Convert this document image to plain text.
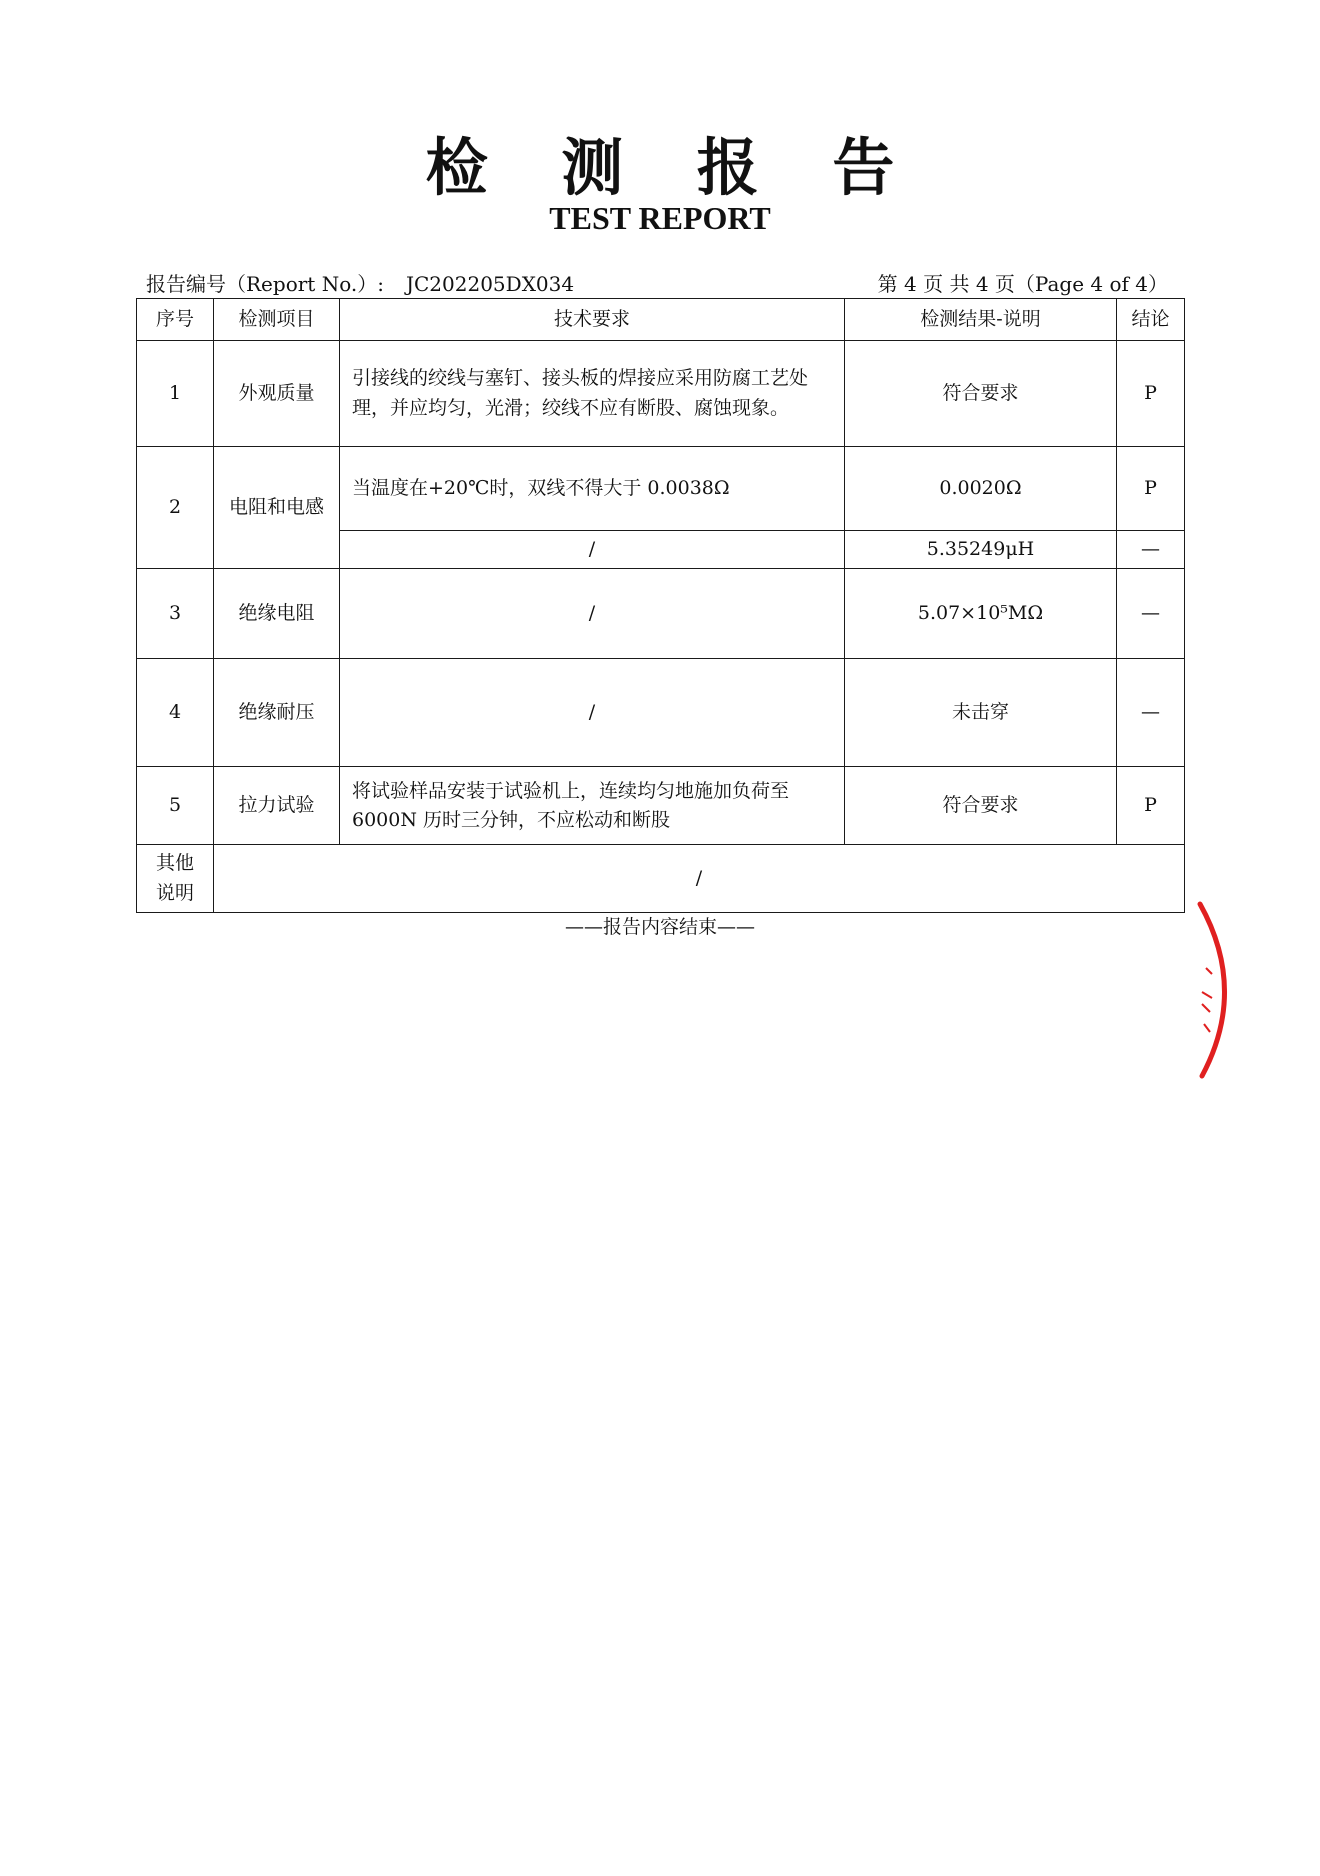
检 测 报 告
TEST REPORT
报告编号（Report No.）: JC202205DX034	第 4 页 共 4 页（Page 4 of 4）
序号	检测项目	技术要求	检测结果-说明	结论
1	外观质量	引接线的绞线与塞钉、接头板的焊接应采用防腐工艺处理，并应均匀，光滑；绞线不应有断股、腐蚀现象。	符合要求	P
2	电阻和电感	当温度在+20℃时，双线不得大于 0.0038Ω	0.0020Ω	P
		/	5.35249μH	—
3	绝缘电阻	/	5.07×10⁵MΩ	—
4	绝缘耐压	/	未击穿	—
5	拉力试验	将试验样品安装于试验机上，连续均匀地施加负荷至 6000N 历时三分钟，不应松动和断股	符合要求	P
其他说明	/			
——报告内容结束——
